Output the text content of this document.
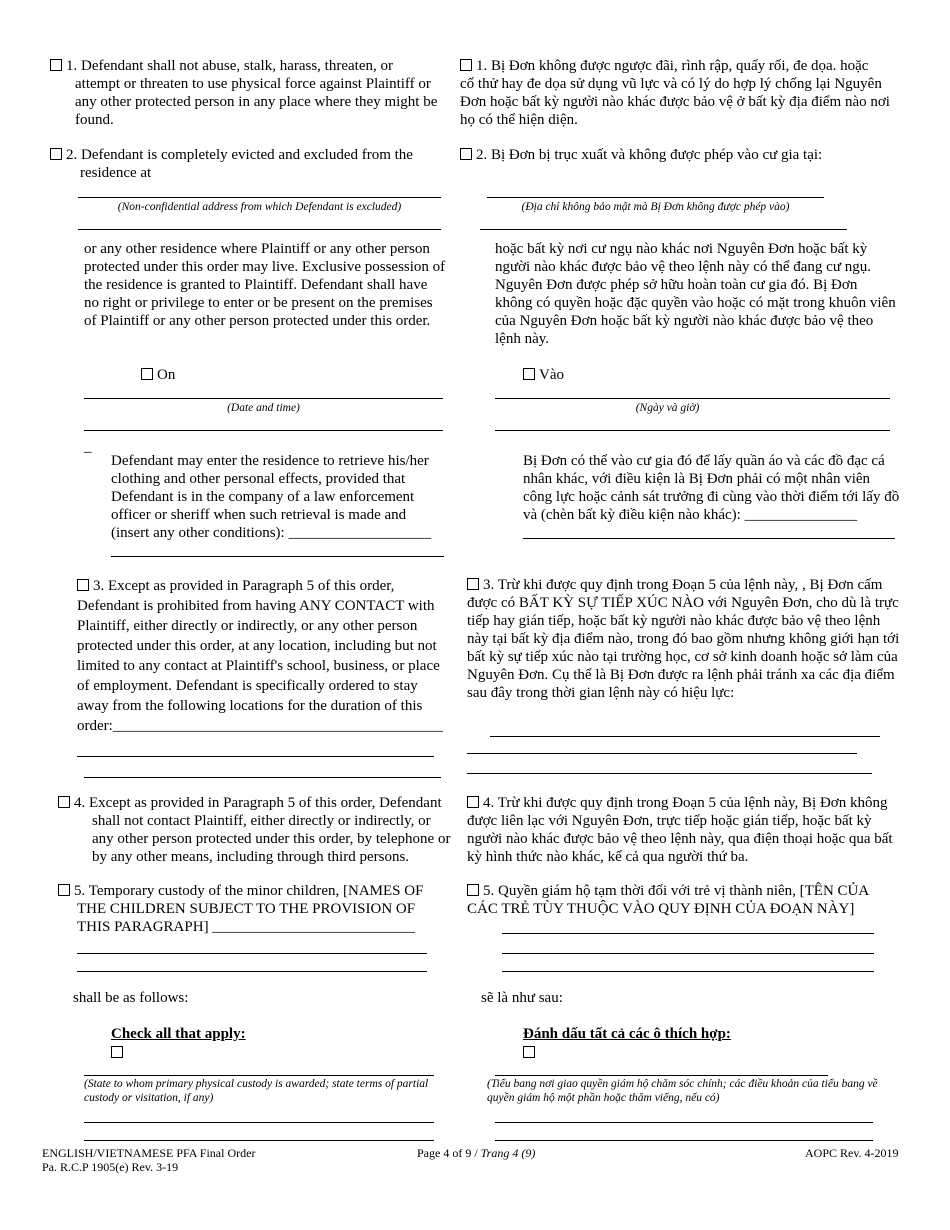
1. Defendant shall not abuse, stalk, harass, threaten, or
attempt or threaten to use physical force against Plaintiff or any other protected person in any place where they might be found.
2. Defendant is completely evicted and excluded from the
residence at
(Non-confidential address from which Defendant is excluded)
or any other residence where Plaintiff or any other person protected under this order may live. Exclusive possession of the residence is granted to Plaintiff. Defendant shall have no right or privilege to enter or be present on the premises of Plaintiff or any other person protected under this order.
On
(Date and time)
_
Defendant may enter the residence to retrieve his/her clothing and other personal effects, provided that Defendant is in the company of a law enforcement officer or sheriff when such retrieval is made and (insert any other conditions): ___________________
3. Except as provided in Paragraph 5 of this order, Defendant is prohibited from having ANY CONTACT with Plaintiff, either directly or indirectly, or any other person protected under this order, at any location, including but not limited to any contact at Plaintiff's school, business, or place of employment. Defendant is specifically ordered to stay away from the following locations for the duration of this order:____________________________________________
4. Except as provided in Paragraph 5 of this order, Defendant
shall not contact Plaintiff, either directly or indirectly, or any other person protected under this order, by telephone or by any other means, including through third persons.
5. Temporary custody of the minor children, [NAMES OF
THE CHILDREN SUBJECT TO THE PROVISION OF THIS PARAGRAPH] ___________________________
shall be as follows:
Check all that apply:
(State to whom primary physical custody is awarded; state terms of partial custody or visitation, if any)
1. Bị Đơn không được ngược đãi, rình rập, quấy rối, đe dọa. hoặc
cố thử hay đe dọa sử dụng vũ lực và có lý do hợp lý chống lại Nguyên Đơn hoặc bất kỳ người nào khác được bảo vệ ở bất kỳ địa điểm nào nơi họ có thể hiện diện.
2. Bị Đơn bị trục xuất và không được phép vào cư gia tại:
(Địa chỉ không bảo mật mà Bị Đơn không được phép vào)
hoặc bất kỳ nơi cư ngụ nào khác nơi Nguyên Đơn hoặc bất kỳ người nào khác được bảo vệ theo lệnh này có thể đang cư ngụ. Nguyên Đơn được phép sở hữu hoàn toàn cư gia đó. Bị Đơn không có quyền hoặc đặc quyền vào hoặc có mặt trong khuôn viên của Nguyên Đơn hoặc bất kỳ người nào khác được bảo vệ theo lệnh này.
Vào
(Ngày và giờ)
Bị Đơn có thể vào cư gia đó để lấy quần áo và các đồ đạc cá nhân khác, với điều kiện là Bị Đơn phải có một nhân viên công lực hoặc cảnh sát trưởng đi cùng vào thời điểm tới lấy đồ và (chèn bất kỳ điều kiện nào khác): _______________
3. Trừ khi được quy định trong Đoạn 5 của lệnh này, , Bị Đơn cấm được có BẤT KỲ SỰ TIẾP XÚC NÀO với Nguyên Đơn, cho dù là trực tiếp hay gián tiếp, hoặc bất kỳ người nào khác được bảo vệ theo lệnh này tại bất kỳ địa điểm nào, trong đó bao gồm nhưng không giới hạn tới bất kỳ sự tiếp xúc nào tại trường học, cơ sở kinh doanh hoặc sở làm của Nguyên Đơn. Cụ thể là Bị Đơn được ra lệnh phải tránh xa các địa điểm sau đây trong thời gian lệnh này có hiệu lực:
4. Trừ khi được quy định trong Đoạn 5 của lệnh này, Bị Đơn không được liên lạc với Nguyên Đơn, trực tiếp hoặc gián tiếp, hoặc bất kỳ người nào khác được bảo vệ theo lệnh này, qua điện thoại hoặc qua bất kỳ hình thức nào khác, kể cả qua người thứ ba.
5. Quyền giám hộ tạm thời đối với trẻ vị thành niên, [TÊN CỦA CÁC TRẺ TÙY THUỘC VÀO QUY ĐỊNH CỦA ĐOẠN NÀY]
sẽ là như sau:
Đánh dấu tất cả các ô thích hợp:
(Tiểu bang nơi giao quyền giám hộ chăm sóc chính; các điều khoản của tiểu bang về quyền giám hộ một phần hoặc thăm viếng, nếu có)
ENGLISH/VIETNAMESE PFA Final Order
Pa. R.C.P 1905(e) Rev. 3-19
Page 4 of 9 / Trang 4 (9)	AOPC Rev. 4-2019
